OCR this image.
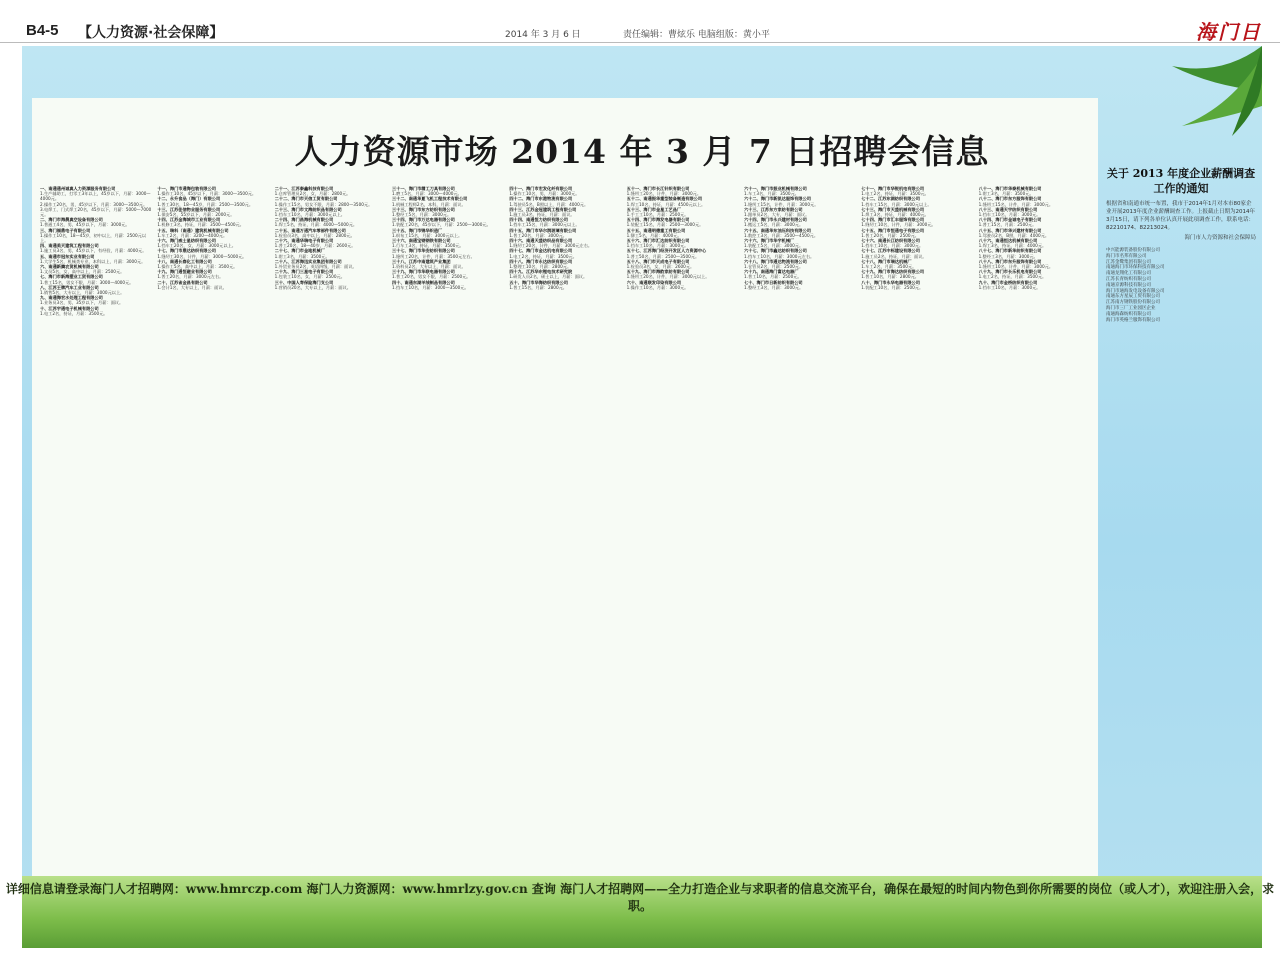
B4-5 【人力资源·社会保障】	2014 年 3 月 6 日	责任编辑：曹炫乐 电脑组版：黄小平	海门日
人力资源市场 2014 年 3 月 7 日招聘会信息
一、南通通州诚真人力资源服务有限公司
1.生产辅助工，打零工3年以上，45岁以下，月薪：3000—4000元。
2.操作工20名，男，45岁以下，月薪：3000—3500元。
3.电焊工、门式焊工20名，45岁以下，月薪：5000—7000元。
二、海门市海晨真空设备有限公司
1.普通工4名，男，45岁以下，月薪：3000元。
三、海门福鼎电子有限公司
1.操作工10名，18—45岁，初中以上，月薪：2500元以上。
四、南通美天建筑工程有限公司
1.施工员3名，男，45岁以下，有经验，月薪：4000元。
五、南通市冠东实业有限公司
1.大学生5名，机械类专业，本科以上，月薪：3000元。
六、南通新腾农贸机械有限公司
1.文员5名，女，高中以上，月薪：2500元。
七、海门市新海塑业工贸有限公司
1.普工15名，男女不限，月薪：3000—4000元。
八、江苏王牌汽车工业有限公司
1.销售5名，大专以上，月薪：3000元以上。
九、南通海宏水处理工程有限公司
1.业务员3名，男，35岁以下，月薪：面议。
十、江苏宇通电子机械有限公司
1.电工2名，持证，月薪：3500元。
十一、海门市通海包装有限公司
1.操作工10名，45岁以下，月薪：3000—3500元。
十二、永升食品（海门）有限公司
1.普工30名，18—45岁，月薪：2500—3500元。
十三、江苏佳信物业服务有限公司
1.保安5名，55岁以下，月薪：2000元。
十四、江苏金海城市工业有限公司
1.机修工3名，持证，月薪：3500—4500元。
十五、瑞科（南通）建筑机械有限公司
1.车工2名，月薪：3200—4000元。
十六、海门威士星纺织有限公司
1.挡车工20名，女，月薪：3000元以上。
十七、海门市鼎达纺织有限公司
1.缝纫工30名，计件，月薪：3000—5000元。
十八、南通长春化工有限公司
1.操作工5名，高中以上，月薪：3500元。
十九、海门通恒磁业有限公司
1.普工20名，月薪：3000元左右。
二十、江苏省金昌有限公司
1.会计1名，大专以上，月薪：面议。
二十一、江苏泰鑫科技有限公司
1.仓库管理员2名，女，月薪：2800元。
二十二、海门市天信工贸有限公司
1.操作工15名，男女不限，月薪：2800—3500元。
二十三、海门市文海纺织品有限公司
1.挡车工10名，月薪：3000元以上。
二十四、海门昌海机械有限公司
1.焊工5名，持证，月薪：4000—5000元。
二十五、南通万通汽车零部件有限公司
1.检验员3名，高中以上，月薪：2800元。
二十六、南通华瑞电子有限公司
1.普工20名，18—40岁，月薪：2600元。
二十七、海门市金地机械厂
1.钳工3名，月薪：3500元。
二十八、江苏海迅实业集团有限公司
1.外贸业务员2名，英语四级，月薪：面议。
二十九、海门三星电子有限公司
1.包装工10名，女，月薪：2500元。
三十、中国人寿保险海门支公司
1.营销员20名，大专以上，月薪：面议。
三十一、海门市精工刀具有限公司
1.磨工5名，月薪：3000—4000元。
三十二、南通华夏飞机工程技术有限公司
1.机械工程师2名，本科，月薪：面议。
三十三、海门市东方纺织有限公司
1.整经工5名，月薪：3000元。
三十四、海门市万达电器有限公司
1.装配工20名，45岁以下，月薪：2500—3000元。
三十五、海门市锦华织造厂
1.织布工15名，月薪：3000元以上。
三十六、南通宝钢钢铁有限公司
1.行车工3名，持证，月薪：3500元。
三十七、海门市华安纺织有限公司
1.缝纫工20名，计件，月薪：3500元左右。
三十八、江苏中南建筑产业集团
1.资料员2名，大专以上，月薪：面议。
三十九、海门市华联电器有限公司
1.普工20名，男女不限，月薪：2500元。
四十、南通东湖羊绒制品有限公司
1.挡车工10名，月薪：3000—3500元。
四十一、海门市宏发化纤有限公司
1.操作工10名，男，月薪：3000元。
四十二、海门市东港物流有限公司
1.驾驶员5名，B照以上，月薪：4000元。
四十三、江苏金冠建筑工程有限公司
1.施工员3名，持证，月薪：面议。
四十四、南通恒力纺织有限公司
1.挡车工15名，月薪：3000元以上。
四十五、海门市华尔润玻璃有限公司
1.普工20名，月薪：3000元。
四十六、南通天盛纺织品有限公司
1.缝纫工20名，计件，月薪：3000元左右。
四十七、海门市金达机电有限公司
1.电工2名，持证，月薪：3500元。
四十八、海门市永达纺织有限公司
1.整理工10名，月薪：2800元。
四十九、江苏华东锂电技术研究院
1.研发人员2名，硕士以上，月薪：面议。
五十、海门市华海纺织有限公司
1.普工15名，月薪：2800元。
五十一、海门市长江针织有限公司
1.缝纫工20名，计件，月薪：3000元。
五十二、南通振华重型装备制造有限公司
1.焊工10名，持证，月薪：4500元以上。
五十三、海门市金星工艺品厂
1.手工工10名，月薪：2500元。
五十四、海门市海发电器有限公司
1.装配工15名，月薪：2500—3000元。
五十五、南通明德重工有限公司
1.铆工5名，月薪：4000元。
五十六、海门市汇达纺织有限公司
1.挡车工10名，月薪：3000元。
五十七、江苏海门经济开发区人力资源中心
1.普工50名，月薪：2500—3500元。
五十八、海门市天成电子有限公司
1.检验员3名，女，月薪：2600元。
五十九、海门市海韵家纺有限公司
1.缝纫工20名，计件，月薪：3000元以上。
六十、南通联发印染有限公司
1.操作工10名，月薪：3000元。
六十一、海门市振业机械有限公司
1.车工3名，月薪：3500元。
六十二、海门市新凯达服饰有限公司
1.缝纫工15名，计件，月薪：3000元。
六十三、江苏东方家纺有限公司
1.跟单员2名，大专，月薪：面议。
六十四、海门市永兴建材有限公司
1.搬运工5名，月薪：3000元。
六十五、南通华东油压科技有限公司
1.数控工3名，月薪：3500—4500元。
六十六、海门市华宇机械厂
1.装配工5名，月薪：3000元。
六十七、海门市鑫达纺织有限公司
1.挡车工10名，月薪：3000元左右。
六十八、海门市通达物流有限公司
1.仓管员2名，月薪：2500元。
六十九、南通海门富达电器厂
1.普工10名，月薪：2500元。
七十、海门市日新纺织有限公司
1.整经工3名，月薪：3000元。
七十一、海门市华锐机电有限公司
1.电工2名，持证，月薪：3500元。
七十二、江苏东湖纺织有限公司
1.挡车工15名，月薪：3000元以上。
七十三、海门市天盛机械有限公司
1.焊工3名，持证，月薪：4000元。
七十四、海门市汇丰服饰有限公司
1.缝纫工10名，计件，月薪：3000元。
七十五、海门市恒通电子有限公司
1.普工20名，月薪：2500元。
七十六、南通长江纺织有限公司
1.挡车工10名，月薪：3000元。
七十七、江苏中标建设有限公司
1.施工员2名，持证，月薪：面议。
七十八、海门市瑞达机械厂
1.车工2名，月薪：3500元。
七十九、海门市海达纺织有限公司
1.普工10名，月薪：2800元。
八十、海门市永华电器有限公司
1.装配工10名，月薪：2500元。
八十一、海门市华泰机械有限公司
1.钳工3名，月薪：3500元。
八十二、海门市东方服饰有限公司
1.缝纫工15名，计件，月薪：3000元。
八十三、南通天宇纺织有限公司
1.挡车工10名，月薪：3000元。
八十四、海门市金诚电子有限公司
1.普工15名，月薪：2500元。
八十五、海门市华兴建材有限公司
1.驾驶员2名，B照，月薪：4000元。
八十六、南通恒达机械有限公司
1.焊工3名，持证，月薪：4000元。
八十七、海门市新华纺织有限公司
1.整经工3名，月薪：3000元。
八十八、海门市东升服饰有限公司
1.缝纫工10名，计件，月薪：3000元。
八十九、海门市长乐机电有限公司
1.电工2名，持证，月薪：3500元。
九十、海门市金桥纺织有限公司
1.挡车工10名，月薪：3000元。
关于 2013 年度企业薪酬调查工作的通知
根据省和南通市统一布置，我市于2014年1月对本市80家企业开展2013年度企业薪酬调查工作。上报截止日期为2014年3月15日，请下列各单位认真开展此项调查工作，联系电话：82210174、82213024。
海门市人力资源和社会保障局
中兴能源装备股份有限公司
海门市名邦有限公司
江苏金鹭集团有限公司
南通海门市环保科技有限公司
南通龙翔化工有限公司
江苏长青纺织有限公司
南通京源科技有限公司
海门市通海发电设备有限公司
南通东方星辰工贸有限公司
江苏南方钢铁股份有限公司
海门市三厂工业园区企业
南通海森纺织有限公司
海门市英格兰服饰有限公司
详细信息请登录海门人才招聘网：www.hmrczp.com 海门人力资源网：www.hmrlzy.gov.cn 查询 海门人才招聘网——全力打造企业与求职者的信息交流平台，确保在最短的时间内物色到你所需要的岗位（或人才），欢迎注册入会，求职。
